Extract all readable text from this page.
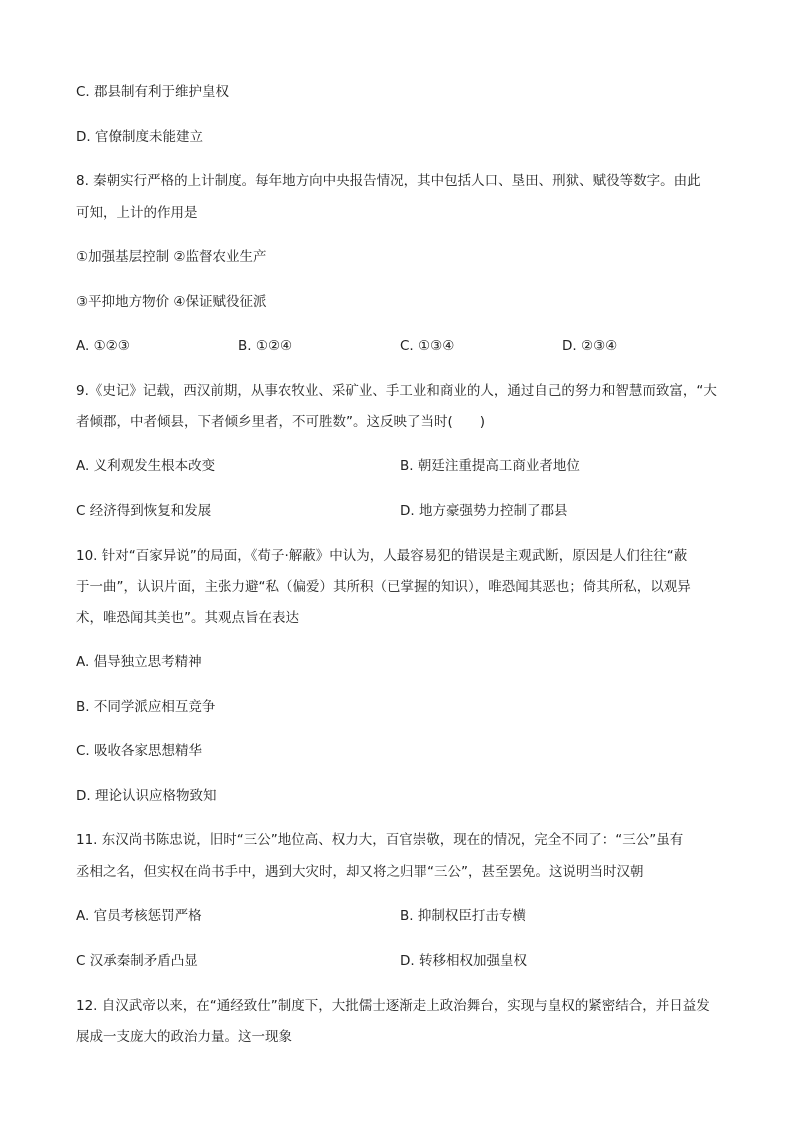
C. 郡县制有利于维护皇权
D. 官僚制度未能建立
8. 秦朝实行严格的上计制度。每年地方向中央报告情况，其中包括人口、垦田、刑狱、赋役等数字。由此
可知，上计的作用是
①加强基层控制 ②监督农业生产
③平抑地方物价 ④保证赋役征派
A. ①②③	B. ①②④	C. ①③④	D. ②③④
9.《史记》记载，西汉前期，从事农牧业、采矿业、手工业和商业的人，通过自己的努力和智慧而致富，“大
者倾郡，中者倾县，下者倾乡里者，不可胜数”。这反映了当时(　　)
A. 义利观发生根本改变	B. 朝廷注重提高工商业者地位
C 经济得到恢复和发展	D. 地方豪强势力控制了郡县
10. 针对“百家异说”的局面，《荀子·解蔽》中认为，人最容易犯的错误是主观武断，原因是人们往往“蔽
于一曲”，认识片面，主张力避“私（偏爱）其所积（已掌握的知识），唯恐闻其恶也；倚其所私，以观异
术，唯恐闻其美也”。其观点旨在表达
A. 倡导独立思考精神
B. 不同学派应相互竞争
C. 吸收各家思想精华
D. 理论认识应格物致知
11. 东汉尚书陈忠说，旧时“三公”地位高、权力大，百官崇敬，现在的情况，完全不同了：“三公”虽有
丞相之名，但实权在尚书手中，遇到大灾时，却又将之归罪“三公”，甚至罢免。这说明当时汉朝
A. 官员考核惩罚严格	B. 抑制权臣打击专横
C 汉承秦制矛盾凸显	D. 转移相权加强皇权
12. 自汉武帝以来，在“通经致仕”制度下，大批儒士逐渐走上政治舞台，实现与皇权的紧密结合，并日益发
展成一支庞大的政治力量。这一现象
